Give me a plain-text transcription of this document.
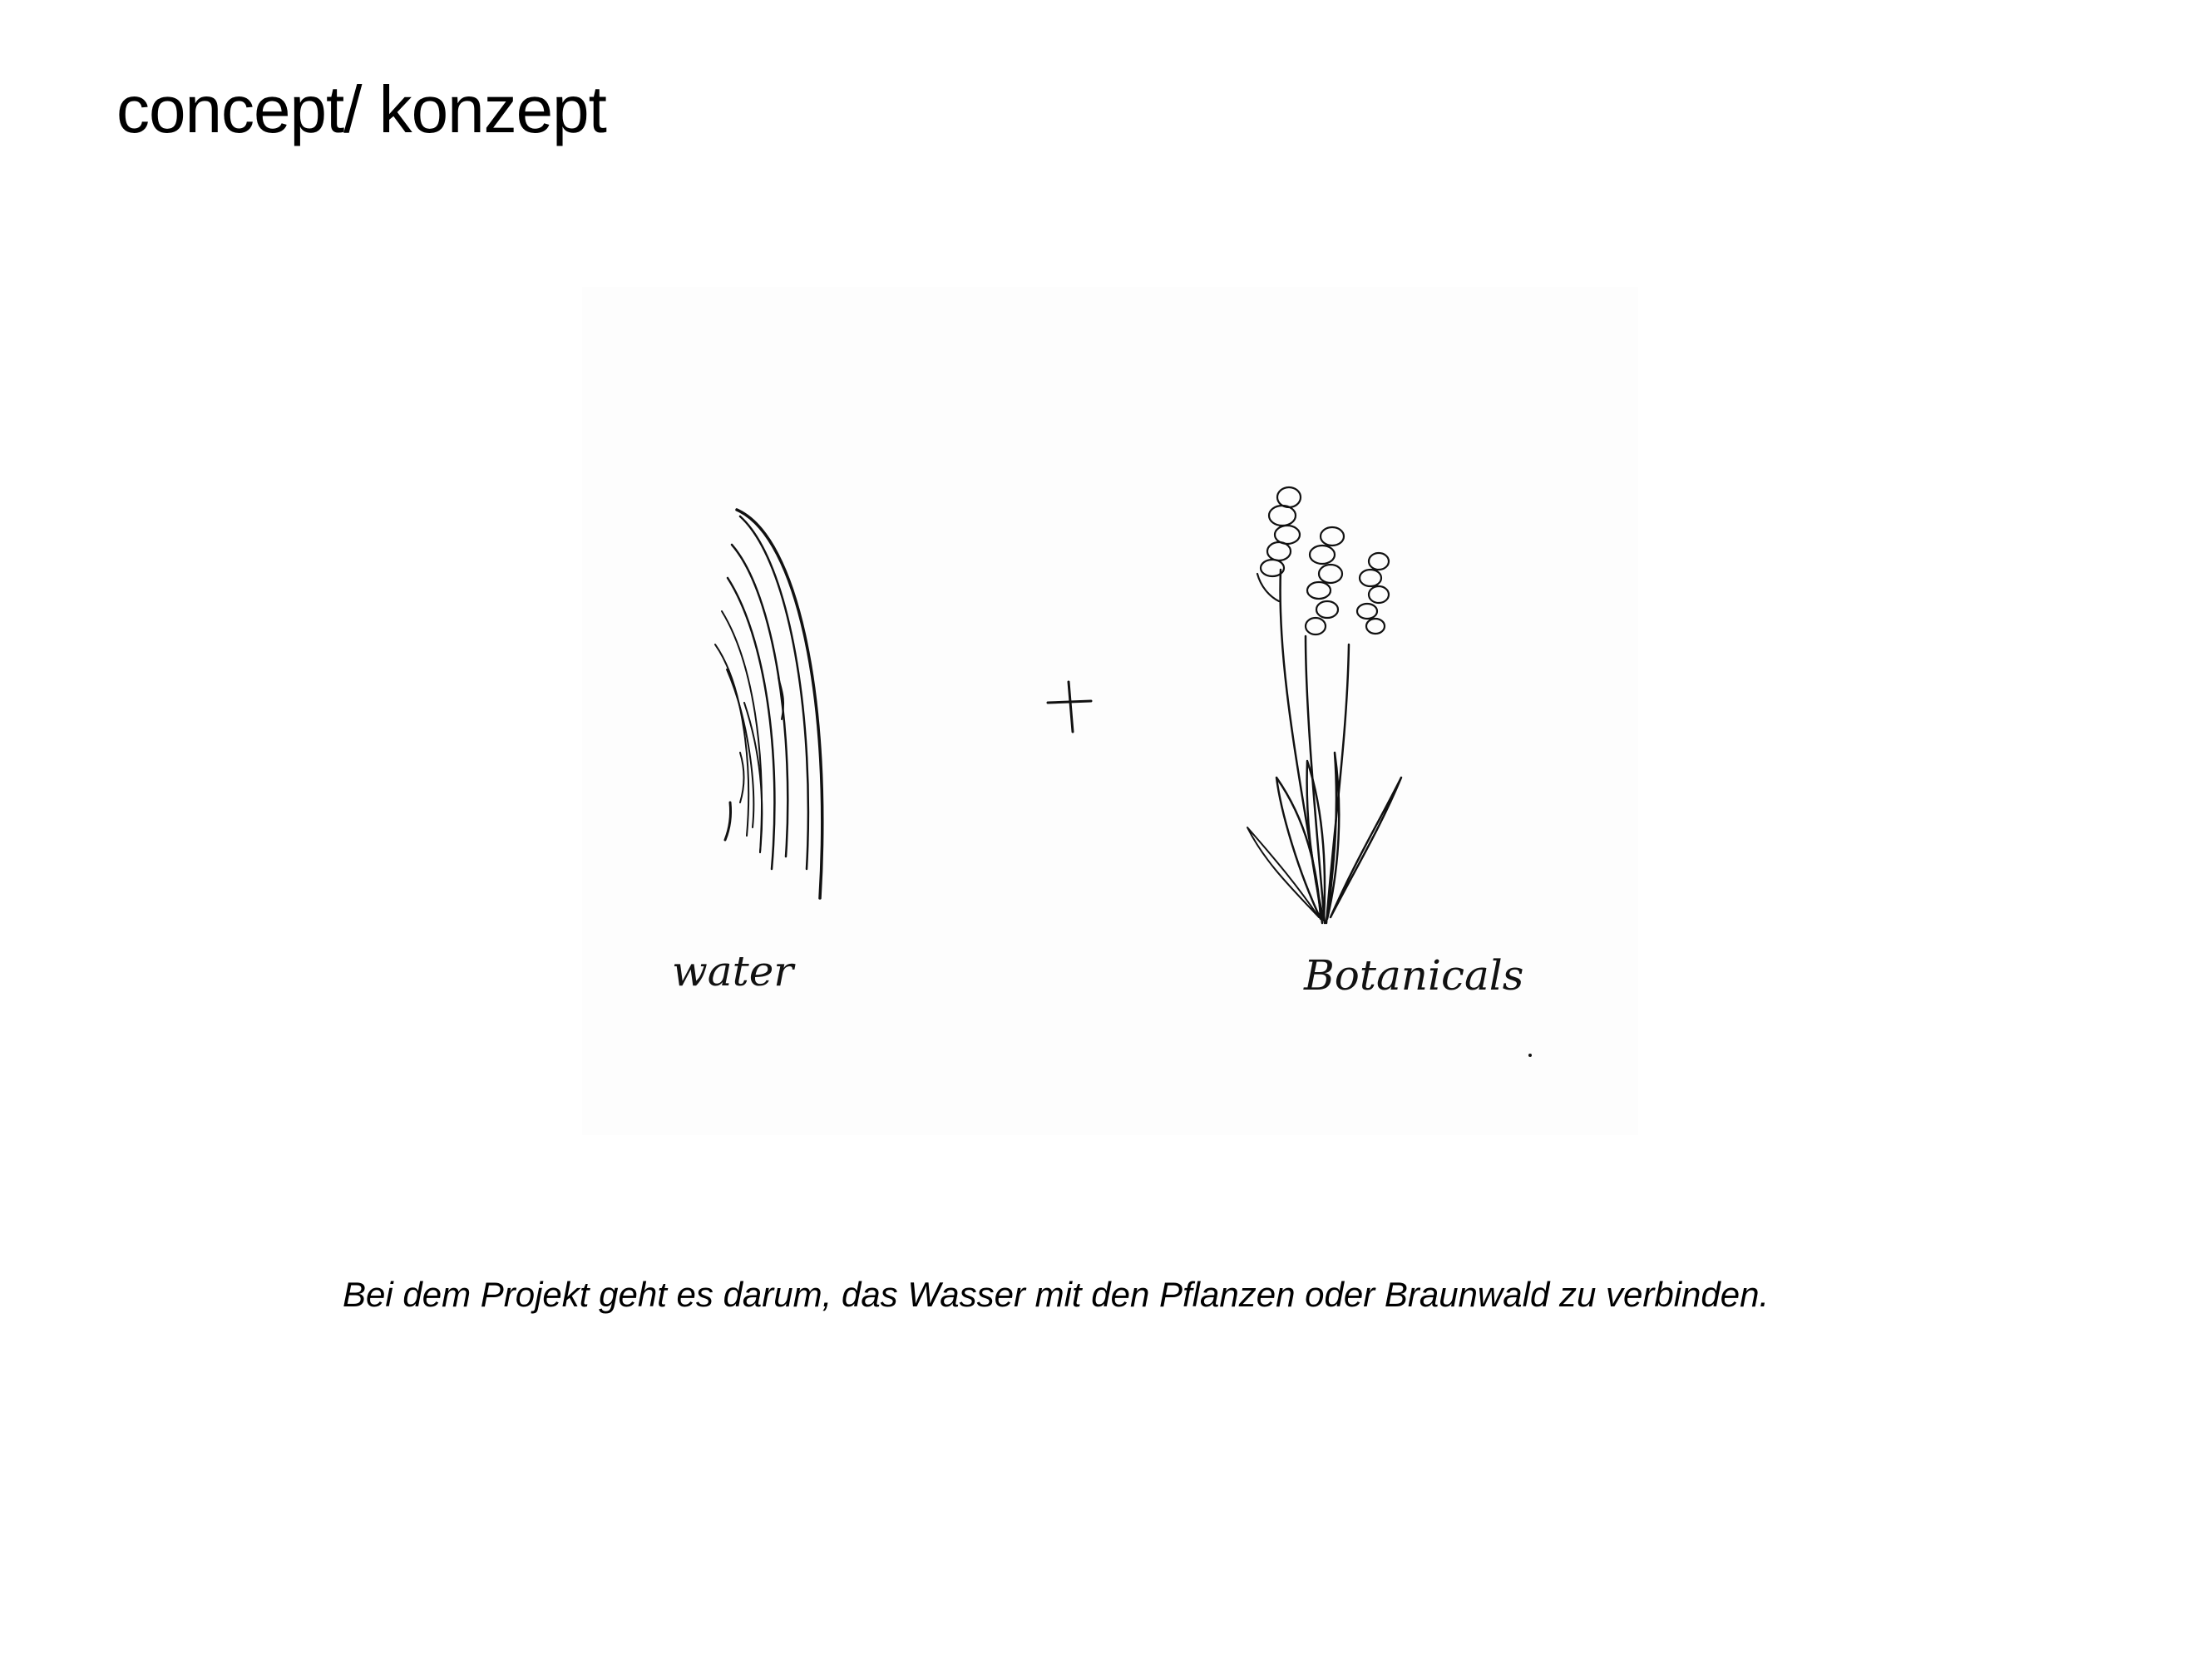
concept/ konzept
water	Botanicals

Bei dem Projekt geht es darum, das Wasser mit den Pflanzen oder Braunwald zu verbinden.
